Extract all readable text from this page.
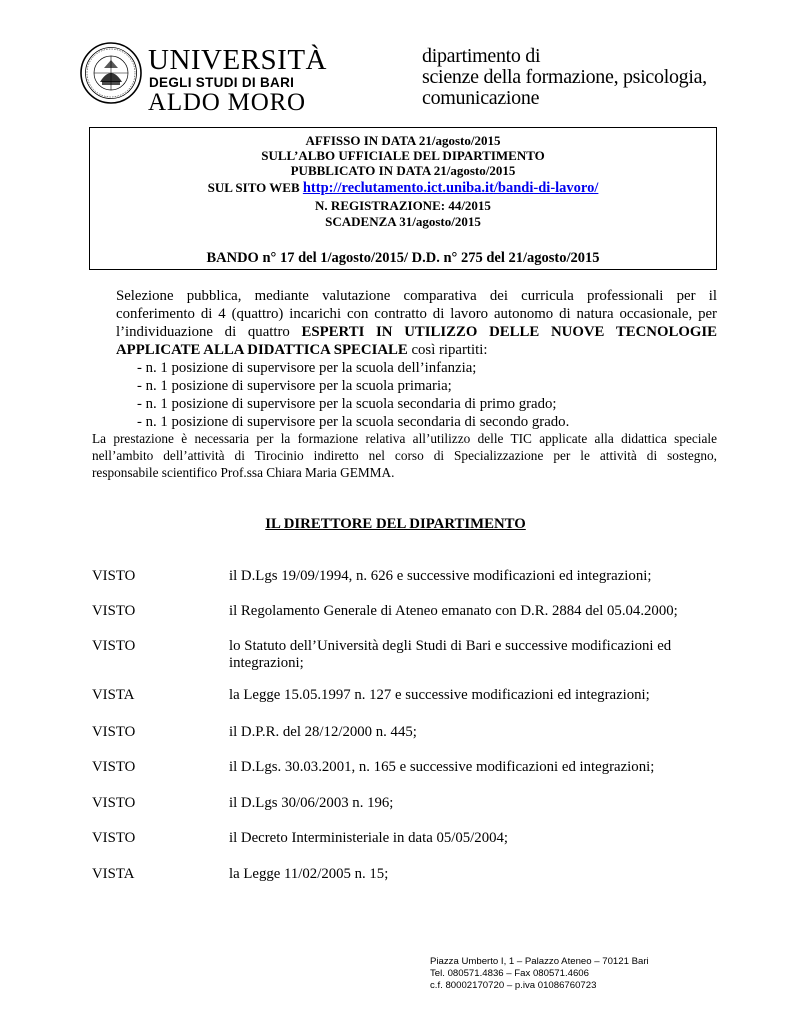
UNIVERSITÀ
DEGLI STUDI DI BARI
ALDO MORO
dipartimento di
scienze della formazione, psicologia,
comunicazione
AFFISSO IN DATA 21/agosto/2015
SULL’ALBO UFFICIALE DEL DIPARTIMENTO
PUBBLICATO IN DATA 21/agosto/2015
SUL SITO WEB http://reclutamento.ict.uniba.it/bandi-di-lavoro/
N. REGISTRAZIONE: 44/2015
SCADENZA 31/agosto/2015
BANDO n° 17 del 1/agosto/2015/ D.D. n° 275 del 21/agosto/2015
Selezione pubblica, mediante valutazione comparativa dei curricula professionali per il
conferimento di 4 (quattro) incarichi con contratto di lavoro autonomo di natura occasionale, per
l’individuazione di quattro ESPERTI IN UTILIZZO DELLE NUOVE TECNOLOGIE
APPLICATE ALLA DIDATTICA SPECIALE così ripartiti:
- n. 1 posizione di supervisore per la scuola dell’infanzia;
- n. 1 posizione di supervisore per la scuola primaria;
- n. 1 posizione di supervisore per la scuola secondaria di primo grado;
- n. 1 posizione di supervisore per la scuola secondaria di secondo grado.
La prestazione è necessaria per la formazione relativa all’utilizzo delle TIC applicate alla didattica speciale
nell’ambito dell’attività di Tirocinio indiretto nel corso di Specializzazione per le attività di sostegno,
responsabile scientifico Prof.ssa Chiara Maria GEMMA.
IL DIRETTORE DEL DIPARTIMENTO
VISTO	il D.Lgs 19/09/1994, n. 626 e successive modificazioni ed integrazioni;
VISTO	il Regolamento Generale di Ateneo emanato con D.R. 2884 del 05.04.2000;
VISTO	lo Statuto dell’Università degli Studi di Bari e successive modificazioni ed integrazioni;
VISTA	la Legge 15.05.1997 n. 127 e successive modificazioni ed integrazioni;
VISTO	il D.P.R. del 28/12/2000 n. 445;
VISTO	il D.Lgs. 30.03.2001, n. 165 e successive modificazioni ed integrazioni;
VISTO	il D.Lgs 30/06/2003 n. 196;
VISTO	il Decreto Interministeriale in data 05/05/2004;
VISTA	la Legge 11/02/2005 n. 15;
Piazza Umberto I, 1 – Palazzo Ateneo – 70121 Bari
Tel. 080571.4836 – Fax 080571.4606
c.f. 80002170720 – p.iva 01086760723
